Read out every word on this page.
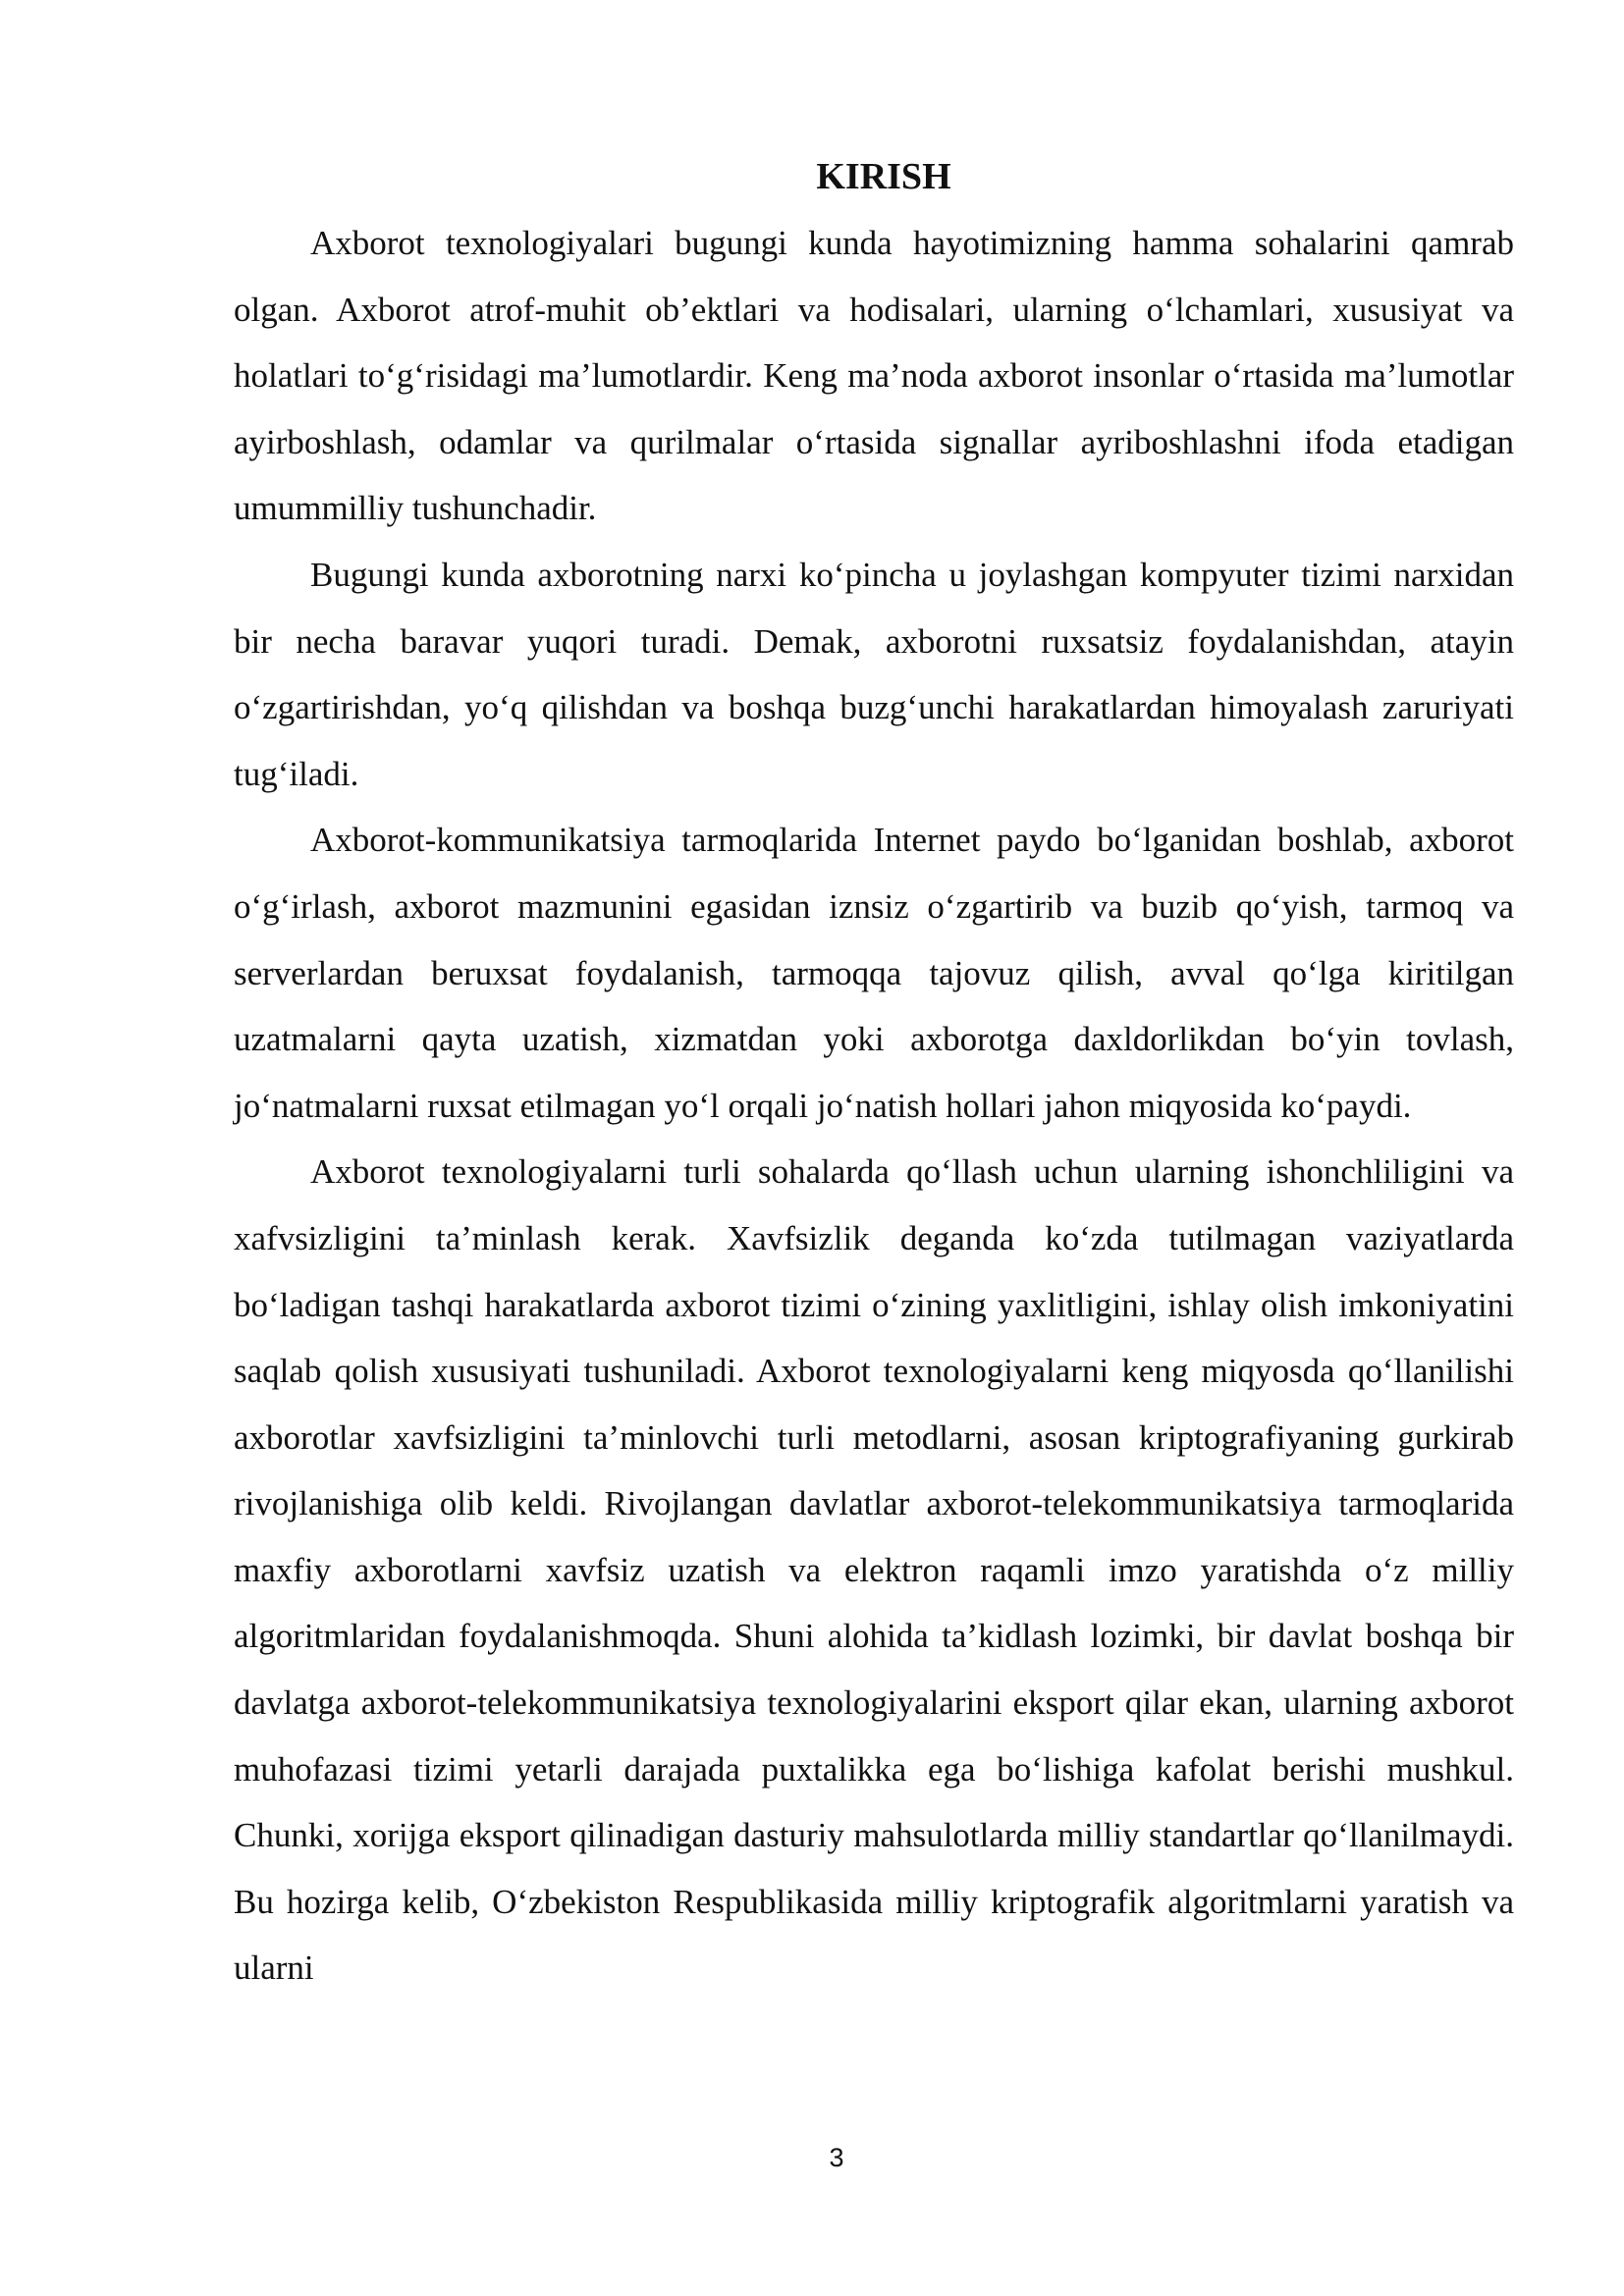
KIRISH

Axborot texnologiyalari bugungi kunda hayotimizning hamma sohalarini qamrab olgan. Axborot atrof-muhit ob’ektlari va hodisalari, ularning o‘lchamlari, xususiyat va holatlari to‘g‘risidagi ma’lumotlardir. Keng ma’noda axborot insonlar o‘rtasida ma’lumotlar ayirboshlash, odamlar va qurilmalar o‘rtasida signallar ayriboshlashni ifoda etadigan umummilliy tushunchadir.

Bugungi kunda axborotning narxi ko‘pincha u joylashgan kompyuter tizimi narxidan bir necha baravar yuqori turadi. Demak, axborotni ruxsatsiz foydalanishdan, atayin o‘zgartirishdan, yo‘q qilishdan va boshqa buzg‘unchi harakatlardan himoyalash zaruriyati tug‘iladi.

Axborot-kommunikatsiya tarmoqlarida Internet paydo bo‘lganidan boshlab, axborot o‘g‘irlash, axborot mazmunini egasidan iznsiz o‘zgartirib va buzib qo‘yish, tarmoq va serverlardan beruxsat foydalanish, tarmoqqa tajovuz qilish, avval qo‘lga kiritilgan uzatmalarni qayta uzatish, xizmatdan yoki axborotga daxldorlikdan bo‘yin tovlash, jo‘natmalarni ruxsat etilmagan yo‘l orqali jo‘natish hollari jahon miqyosida ko‘paydi.

Axborot texnologiyalarni turli sohalarda qo‘llash uchun ularning ishonchliligini va xafvsizligini ta’minlash kerak. Xavfsizlik deganda ko‘zda tutilmagan vaziyatlarda bo‘ladigan tashqi harakatlarda axborot tizimi o‘zining yaxlitligini, ishlay olish imkoniyatini saqlab qolish xususiyati tushuniladi. Axborot texnologiyalarni keng miqyosda qo‘llanilishi axborotlar xavfsizligini ta’minlovchi turli metodlarni, asosan kriptografiyaning gurkirab rivojlanishiga olib keldi. Rivojlangan davlatlar axborot-telekommunikatsiya tarmoqlarida maxfiy axborotlarni xavfsiz uzatish va elektron raqamli imzo yaratishda o‘z milliy algoritmlaridan foydalanishmoqda. Shuni alohida ta’kidlash lozimki, bir davlat boshqa bir davlatga axborot-telekommunikatsiya texnologiyalarini eksport qilar ekan, ularning axborot muhofazasi tizimi yetarli darajada puxtalikka ega bo‘lishiga kafolat berishi mushkul. Chunki, xorijga eksport qilinadigan dasturiy mahsulotlarda milliy standartlar qo‘llanilmaydi. Bu hozirga kelib, O‘zbekiston Respublikasida milliy kriptografik algoritmlarni yaratish va ularni

3
